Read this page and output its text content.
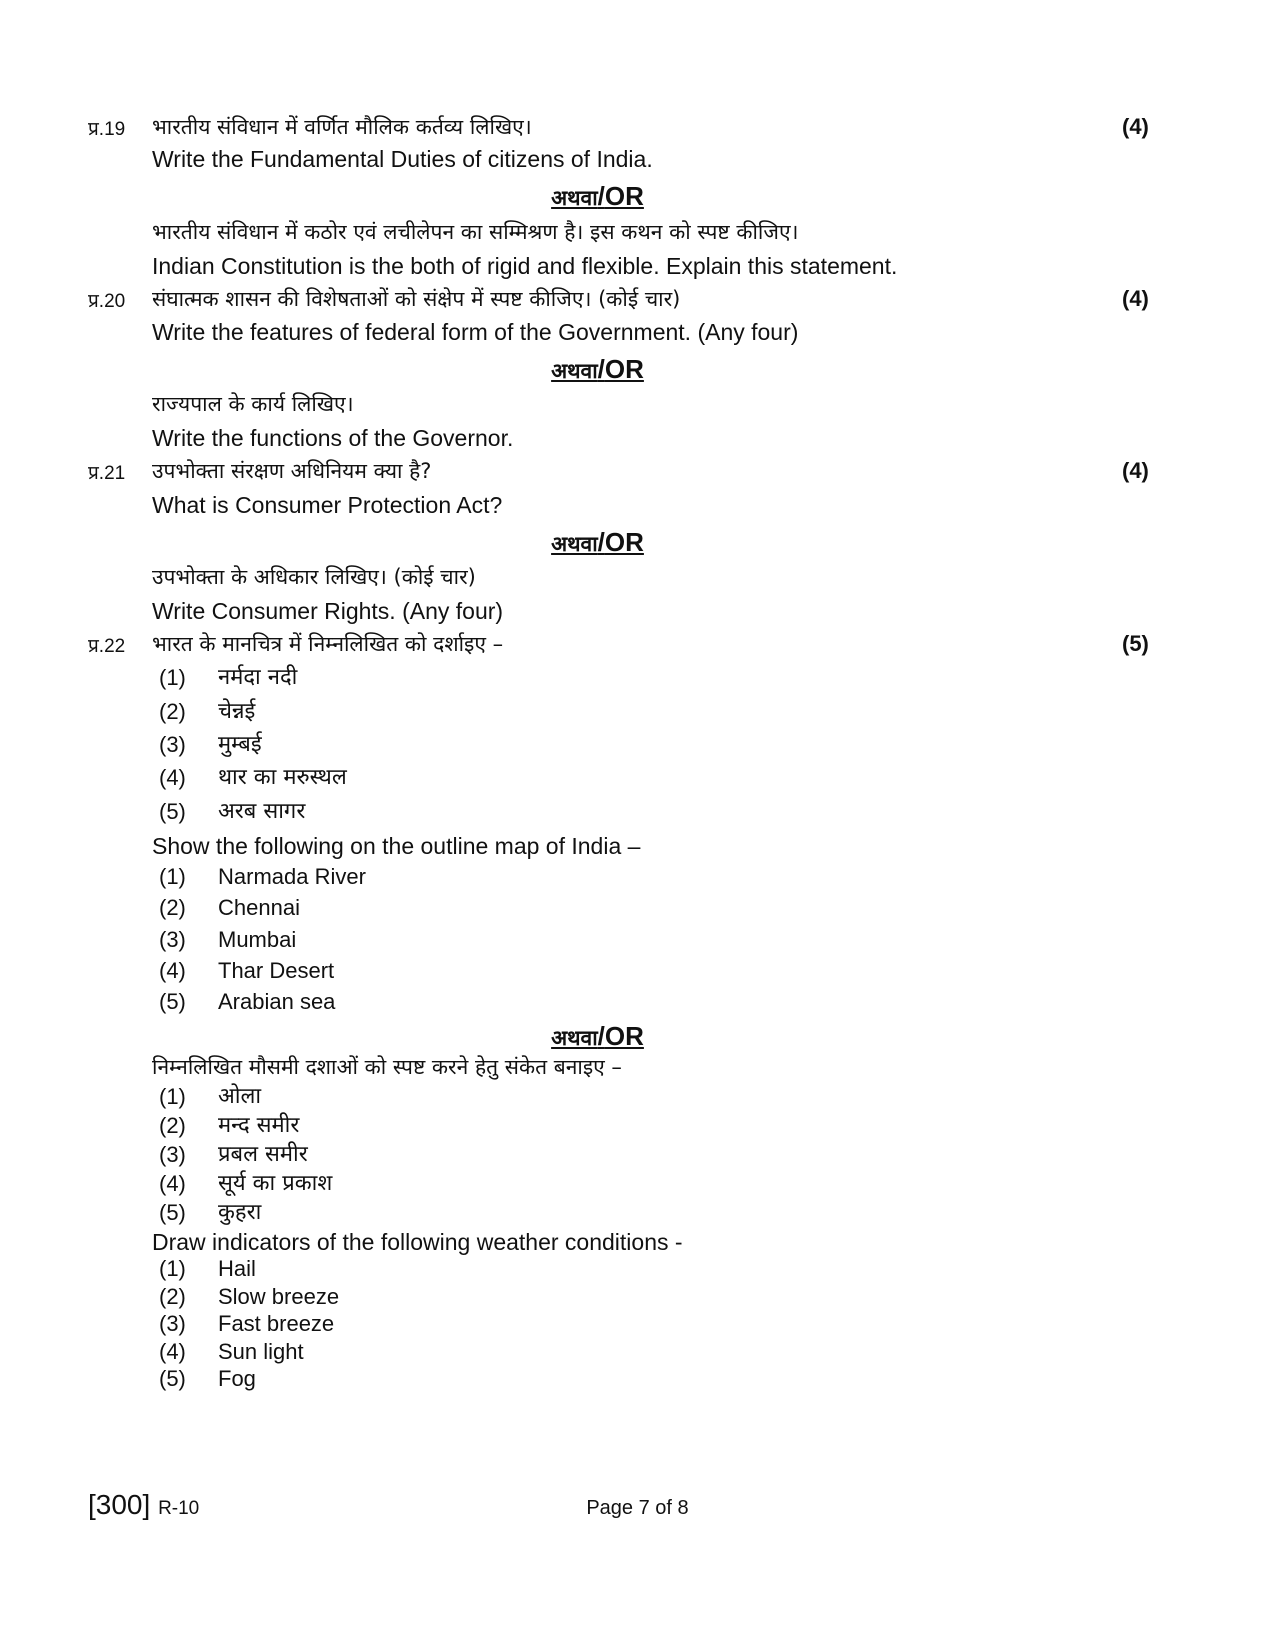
प्र.19 भारतीय संविधान में वर्णित मौलिक कर्तव्य लिखिए।	(4)
Write the Fundamental Duties of citizens of India.
अथवा/OR
भारतीय संविधान में कठोर एवं लचीलेपन का सम्मिश्रण है। इस कथन को स्पष्ट कीजिए।
Indian Constitution is the both of rigid and flexible. Explain this statement.
प्र.20 संघात्मक शासन की विशेषताओं को संक्षेप में स्पष्ट कीजिए। (कोई चार)	(4)
Write the features of federal form of the Government. (Any four)
अथवा/OR
राज्यपाल के कार्य लिखिए।
Write the functions of the Governor.
प्र.21 उपभोक्ता संरक्षण अधिनियम क्या है?	(4)
What is Consumer Protection Act?
अथवा/OR
उपभोक्ता के अधिकार लिखिए। (कोई चार)
Write Consumer Rights. (Any four)
प्र.22 भारत के मानचित्र में निम्नलिखित को दर्शाइए –	(5)
(1) नर्मदा नदी
(2) चेन्नई
(3) मुम्बई
(4) थार का मरुस्थल
(5) अरब सागर
Show the following on the outline map of India –
(1) Narmada River
(2) Chennai
(3) Mumbai
(4) Thar Desert
(5) Arabian sea
अथवा/OR
निम्नलिखित मौसमी दशाओं को स्पष्ट करने हेतु संकेत बनाइए –
(1) ओला
(2) मन्द समीर
(3) प्रबल समीर
(4) सूर्य का प्रकाश
(5) कुहरा
Draw indicators of the following weather conditions -
(1) Hail
(2) Slow breeze
(3) Fast breeze
(4) Sun light
(5) Fog
[300] R-10	Page 7 of 8
